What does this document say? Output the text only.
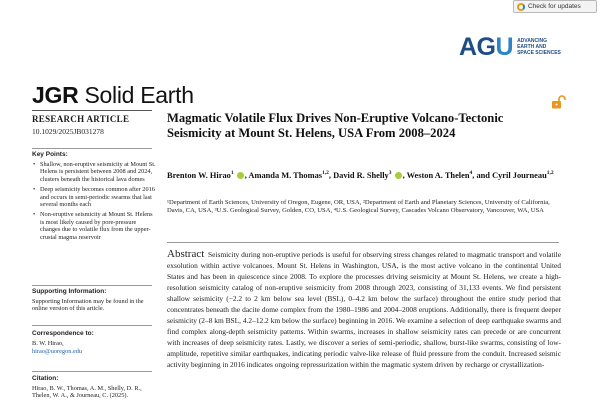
Check for updates
AGU ADVANCING EARTH AND SPACE SCIENCES
JGR Solid Earth
RESEARCH ARTICLE
10.1029/2025JB031278
Key Points:
• Shallow, non-eruptive seismicity at Mount St. Helens is persistent between 2008 and 2024, clusters beneath the historical lava domes
• Deep seismicity becomes common after 2016 and occurs in semi-periodic swarms that last several months each
• Non-eruptive seismicity at Mount St. Helens is most likely caused by pore-pressure changes due to volatile flux from the upper-crustal magma reservoir
Supporting Information:
Supporting Information may be found in the online version of this article.
Correspondence to:
B. W. Hirao,
hirao@uoregon.edu
Citation:
Hirao, B. W., Thomas, A. M., Shelly, D. R., Thelen, W. A., & Journeau, C. (2025).
Magmatic Volatile Flux Drives Non-Eruptive Volcano-Tectonic Seismicity at Mount St. Helens, USA From 2008–2024
Brenton W. Hirao$^1$ , Amanda M. Thomas$^{1,2}$, David R. Shelly$^3$ , Weston A. Thelen$^4$, and Cyril Journeau$^{1,2}$
¹Department of Earth Sciences, University of Oregon, Eugene, OR, USA, ²Department of Earth and Planetary Sciences, University of California, Davis, CA, USA, ³U.S. Geological Survey, Golden, CO, USA, ⁴U.S. Geological Survey, Cascades Volcano Observatory, Vancouver, WA, USA
Abstract Seismicity during non-eruptive periods is useful for observing stress changes related to magmatic transport and volatile exsolution within active volcanoes. Mount St. Helens in Washington, USA, is the most active volcano in the continental United States and has been in quiescence since 2008. To explore the processes driving seismicity at Mount St. Helens, we create a high-resolution seismicity catalog of non-eruptive seismicity from 2008 through 2023, consisting of 31,133 events. We find persistent shallow seismicity (−2.2 to 2 km below sea level (BSL), 0–4.2 km below the surface) throughout the entire study period that concentrates beneath the dacite dome complex from the 1980–1986 and 2004–2008 eruptions. Additionally, there is frequent deeper seismicity (2–8 km BSL, 4.2–12.2 km below the surface) beginning in 2016. We examine a selection of deep earthquake swarms and find complex along-depth seismicity patterns. Within swarms, increases in shallow seismicity rates can precede or are concurrent with increases of deep seismicity rates. Lastly, we discover a series of semi-periodic, shallow, burst-like swarms, consisting of low-amplitude, repetitive similar earthquakes, indicating periodic valve-like release of fluid pressure from the conduit. Increased seismic activity beginning in 2016 indicates ongoing repressurization within the magmatic system driven by recharge or crystallization-
